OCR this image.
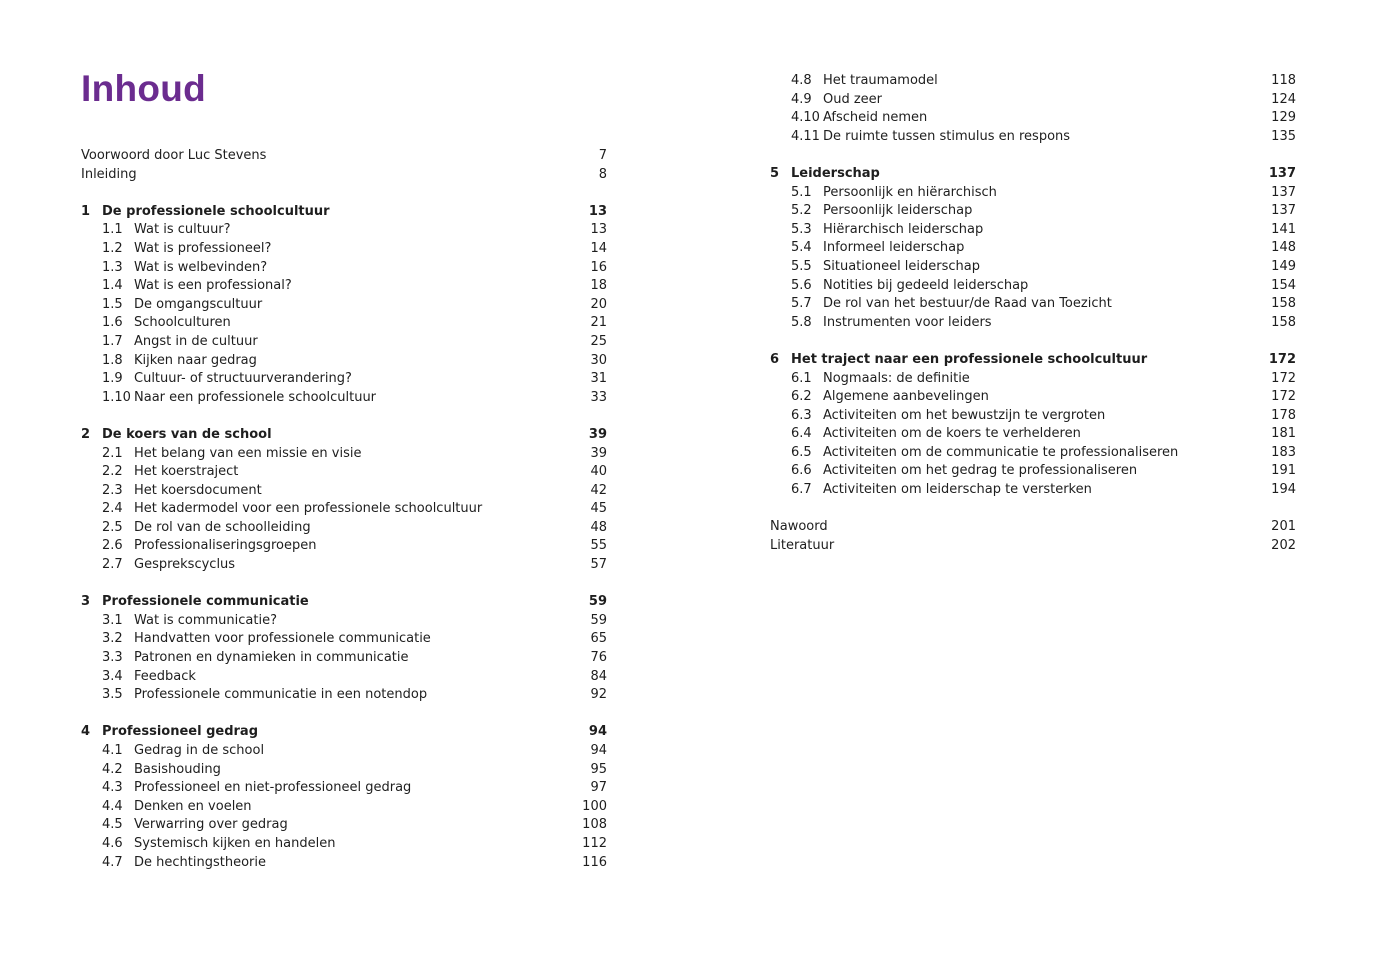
Inhoud
Voorwoord door Luc Stevens	7
Inleiding	8
1 De professionele schoolcultuur	13
1.1 Wat is cultuur?	13
1.2 Wat is professioneel?	14
1.3 Wat is welbevinden?	16
1.4 Wat is een professional?	18
1.5 De omgangscultuur	20
1.6 Schoolculturen	21
1.7 Angst in de cultuur	25
1.8 Kijken naar gedrag	30
1.9 Cultuur- of structuurverandering?	31
1.10 Naar een professionele schoolcultuur	33
2 De koers van de school	39
2.1 Het belang van een missie en visie	39
2.2 Het koerstraject	40
2.3 Het koersdocument	42
2.4 Het kadermodel voor een professionele schoolcultuur	45
2.5 De rol van de schoolleiding	48
2.6 Professionaliseringsgroepen	55
2.7 Gesprekscyclus	57
3 Professionele communicatie	59
3.1 Wat is communicatie?	59
3.2 Handvatten voor professionele communicatie	65
3.3 Patronen en dynamieken in communicatie	76
3.4 Feedback	84
3.5 Professionele communicatie in een notendop	92
4 Professioneel gedrag	94
4.1 Gedrag in de school	94
4.2 Basishouding	95
4.3 Professioneel en niet-professioneel gedrag	97
4.4 Denken en voelen	100
4.5 Verwarring over gedrag	108
4.6 Systemisch kijken en handelen	112
4.7 De hechtingstheorie	116
4.8 Het traumamodel	118
4.9 Oud zeer	124
4.10 Afscheid nemen	129
4.11 De ruimte tussen stimulus en respons	135
5 Leiderschap	137
5.1 Persoonlijk en hiërarchisch	137
5.2 Persoonlijk leiderschap	137
5.3 Hiërarchisch leiderschap	141
5.4 Informeel leiderschap	148
5.5 Situationeel leiderschap	149
5.6 Notities bij gedeeld leiderschap	154
5.7 De rol van het bestuur/de Raad van Toezicht	158
5.8 Instrumenten voor leiders	158
6 Het traject naar een professionele schoolcultuur	172
6.1 Nogmaals: de definitie	172
6.2 Algemene aanbevelingen	172
6.3 Activiteiten om het bewustzijn te vergroten	178
6.4 Activiteiten om de koers te verhelderen	181
6.5 Activiteiten om de communicatie te professionaliseren	183
6.6 Activiteiten om het gedrag te professionaliseren	191
6.7 Activiteiten om leiderschap te versterken	194
Nawoord	201
Literatuur	202
